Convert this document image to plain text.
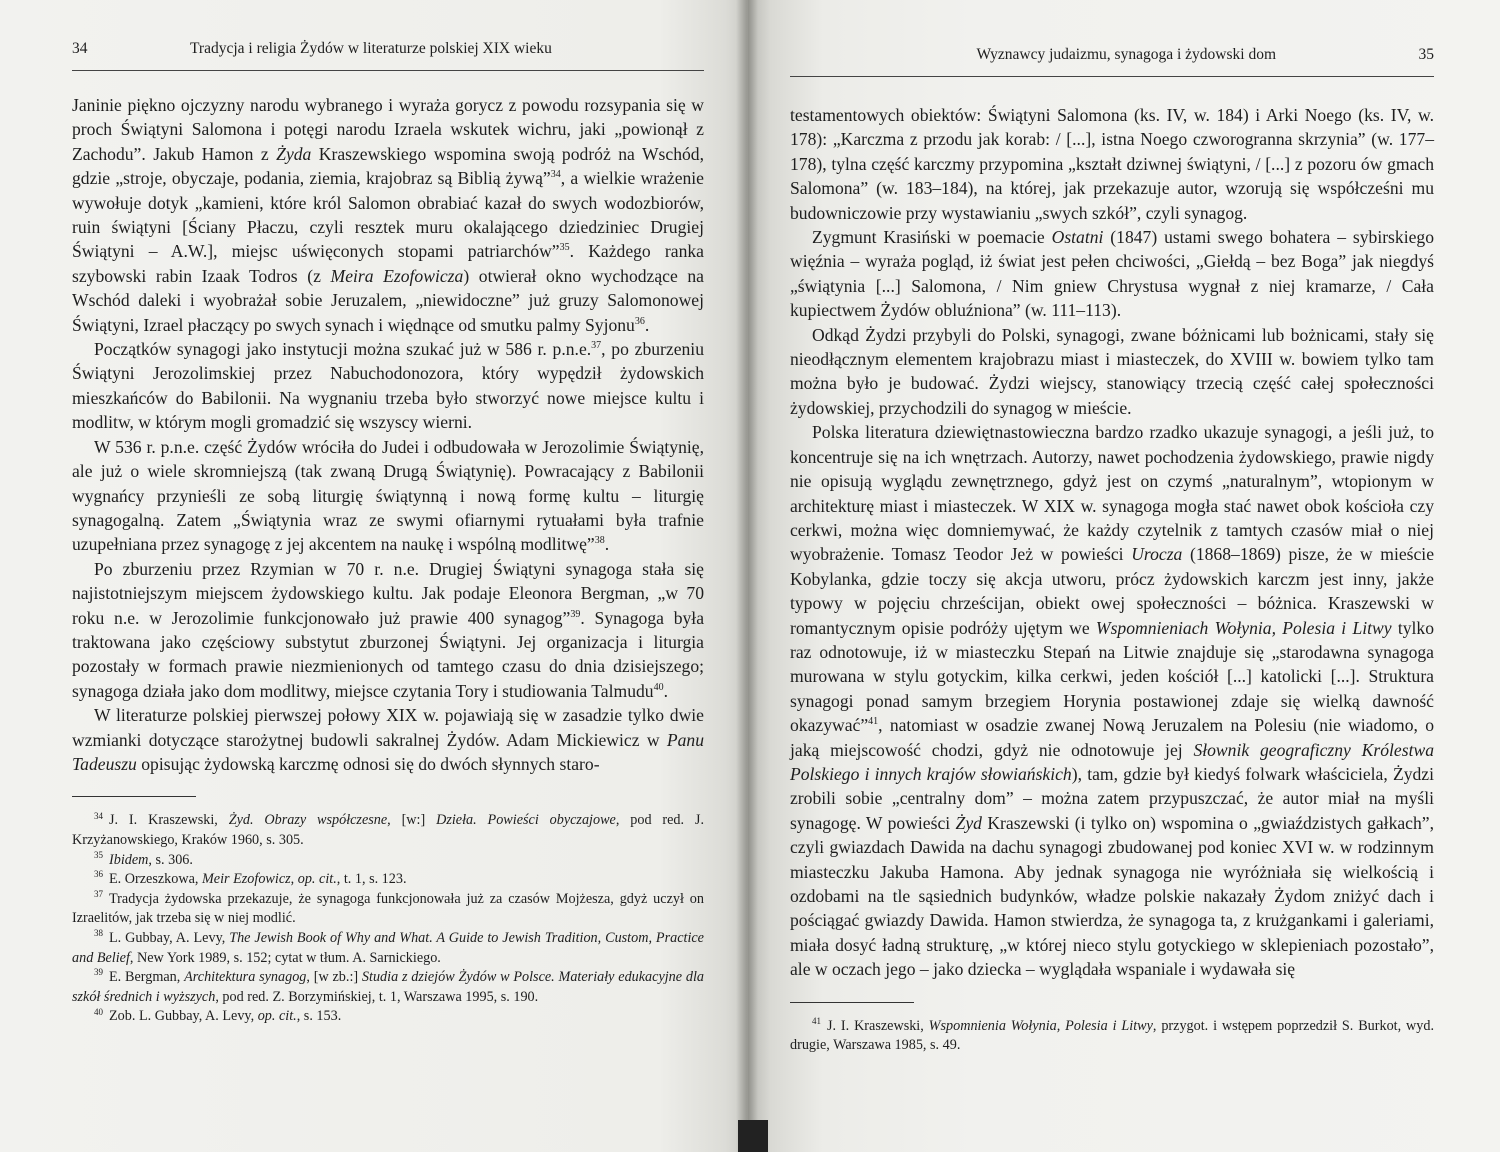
34	Tradycja i religia Żydów w literaturze polskiej XIX wieku

Janinie piękno ojczyzny narodu wybranego i wyraża gorycz z powodu rozsypania się w proch Świątyni Salomona i potęgi narodu Izraela wskutek wichru, jaki „powionął z Zachodu”. Jakub Hamon z Żyda Kraszewskiego wspomina swoją podróż na Wschód, gdzie „stroje, obyczaje, podania, ziemia, krajobraz są Biblią żywą”$^{34}$, a wielkie wrażenie wywołuje dotyk „kamieni, które król Salomon obrabiać kazał do swych wodozbiorów, ruin świątyni [Ściany Płaczu, czyli resztek muru okalającego dziedziniec Drugiej Świątyni – A.W.], miejsc uświęconych stopami patriarchów”$^{35}$. Każdego ranka szybowski rabin Izaak Todros (z Meira Ezofowicza) otwierał okno wychodzące na Wschód daleki i wyobrażał sobie Jeruzalem, „niewidoczne” już gruzy Salomonowej Świątyni, Izrael płaczący po swych synach i więdnące od smutku palmy Syjonu$^{36}$.

Początków synagogi jako instytucji można szukać już w 586 r. p.n.e.$^{37}$, po zburzeniu Świątyni Jerozolimskiej przez Nabuchodonozora, który wypędził żydowskich mieszkańców do Babilonii. Na wygnaniu trzeba było stworzyć nowe miejsce kultu i modlitw, w którym mogli gromadzić się wszyscy wierni.

W 536 r. p.n.e. część Żydów wróciła do Judei i odbudowała w Jerozolimie Świątynię, ale już o wiele skromniejszą (tak zwaną Drugą Świątynię). Powracający z Babilonii wygnańcy przynieśli ze sobą liturgię świątynną i nową formę kultu – liturgię synagogalną. Zatem „Świątynia wraz ze swymi ofiarnymi rytuałami była trafnie uzupełniana przez synagogę z jej akcentem na naukę i wspólną modlitwę”$^{38}$.

Po zburzeniu przez Rzymian w 70 r. n.e. Drugiej Świątyni synagoga stała się najistotniejszym miejscem żydowskiego kultu. Jak podaje Eleonora Bergman, „w 70 roku n.e. w Jerozolimie funkcjonowało już prawie 400 synagog”$^{39}$. Synagoga była traktowana jako częściowy substytut zburzonej Świątyni. Jej organizacja i liturgia pozostały w formach prawie niezmienionych od tamtego czasu do dnia dzisiejszego; synagoga działa jako dom modlitwy, miejsce czytania Tory i studiowania Talmudu$^{40}$.

W literaturze polskiej pierwszej połowy XIX w. pojawiają się w zasadzie tylko dwie wzmianki dotyczące starożytnej budowli sakralnej Żydów. Adam Mickiewicz w Panu Tadeuszu opisując żydowską karczmę odnosi się do dwóch słynnych staro-

$^{34}$ J. I. Kraszewski, Żyd. Obrazy współczesne, [w:] Dzieła. Powieści obyczajowe, pod red. J. Krzyżanowskiego, Kraków 1960, s. 305.

$^{35}$ Ibidem, s. 306.

$^{36}$ E. Orzeszkowa, Meir Ezofowicz, op. cit., t. 1, s. 123.

$^{37}$ Tradycja żydowska przekazuje, że synagoga funkcjonowała już za czasów Mojżesza, gdyż uczył on Izraelitów, jak trzeba się w niej modlić.

$^{38}$ L. Gubbay, A. Levy, The Jewish Book of Why and What. A Guide to Jewish Tradition, Custom, Practice and Belief, New York 1989, s. 152; cytat w tłum. A. Sarnickiego.

$^{39}$ E. Bergman, Architektura synagog, [w zb.:] Studia z dziejów Żydów w Polsce. Materiały edukacyjne dla szkół średnich i wyższych, pod red. Z. Borzymińskiej, t. 1, Warszawa 1995, s. 190.

$^{40}$ Zob. L. Gubbay, A. Levy, op. cit., s. 153.

Wyznawcy judaizmu, synagoga i żydowski dom	35

testamentowych obiektów: Świątyni Salomona (ks. IV, w. 184) i Arki Noego (ks. IV, w. 178): „Karczma z przodu jak korab: / [...], istna Noego czworogranna skrzynia” (w. 177–178), tylna część karczmy przypomina „kształt dziwnej świątyni, / [...] z pozoru ów gmach Salomona” (w. 183–184), na której, jak przekazuje autor, wzorują się współcześni mu budowniczowie przy wystawianiu „swych szkół”, czyli synagog.

Zygmunt Krasiński w poemacie Ostatni (1847) ustami swego bohatera – sybirskiego więźnia – wyraża pogląd, iż świat jest pełen chciwości, „Giełdą – bez Boga” jak niegdyś „świątynia [...] Salomona, / Nim gniew Chrystusa wygnał z niej kramarze, / Cała kupiectwem Żydów obluźniona” (w. 111–113).

Odkąd Żydzi przybyli do Polski, synagogi, zwane bóżnicami lub bożnicami, stały się nieodłącznym elementem krajobrazu miast i miasteczek, do XVIII w. bowiem tylko tam można było je budować. Żydzi wiejscy, stanowiący trzecią część całej społeczności żydowskiej, przychodzili do synagog w mieście.

Polska literatura dziewiętnastowieczna bardzo rzadko ukazuje synagogi, a jeśli już, to koncentruje się na ich wnętrzach. Autorzy, nawet pochodzenia żydowskiego, prawie nigdy nie opisują wyglądu zewnętrznego, gdyż jest on czymś „naturalnym”, wtopionym w architekturę miast i miasteczek. W XIX w. synagoga mogła stać nawet obok kościoła czy cerkwi, można więc domniemywać, że każdy czytelnik z tamtych czasów miał o niej wyobrażenie. Tomasz Teodor Jeż w powieści Urocza (1868–1869) pisze, że w mieście Kobylanka, gdzie toczy się akcja utworu, prócz żydowskich karczm jest inny, jakże typowy w pojęciu chrześcijan, obiekt owej społeczności – bóżnica. Kraszewski w romantycznym opisie podróży ujętym we Wspomnieniach Wołynia, Polesia i Litwy tylko raz odnotowuje, iż w miasteczku Stepań na Litwie znajduje się „starodawna synagoga murowana w stylu gotyckim, kilka cerkwi, jeden kościół [...] katolicki [...]. Struktura synagogi ponad samym brzegiem Horynia postawionej zdaje się wielką dawność okazywać”$^{41}$, natomiast w osadzie zwanej Nową Jeruzalem na Polesiu (nie wiadomo, o jaką miejscowość chodzi, gdyż nie odnotowuje jej Słownik geograficzny Królestwa Polskiego i innych krajów słowiańskich), tam, gdzie był kiedyś folwark właściciela, Żydzi zrobili sobie „centralny dom” – można zatem przypuszczać, że autor miał na myśli synagogę. W powieści Żyd Kraszewski (i tylko on) wspomina o „gwiaździstych gałkach”, czyli gwiazdach Dawida na dachu synagogi zbudowanej pod koniec XVI w. w rodzinnym miasteczku Jakuba Hamona. Aby jednak synagoga nie wyróżniała się wielkością i ozdobami na tle sąsiednich budynków, władze polskie nakazały Żydom zniżyć dach i pościągać gwiazdy Dawida. Hamon stwierdza, że synagoga ta, z krużgankami i galeriami, miała dosyć ładną strukturę, „w której nieco stylu gotyckiego w sklepieniach pozostało”, ale w oczach jego – jako dziecka – wyglądała wspaniale i wydawała się

$^{41}$ J. I. Kraszewski, Wspomnienia Wołynia, Polesia i Litwy, przygot. i wstępem poprzedził S. Burkot, wyd. drugie, Warszawa 1985, s. 49.
